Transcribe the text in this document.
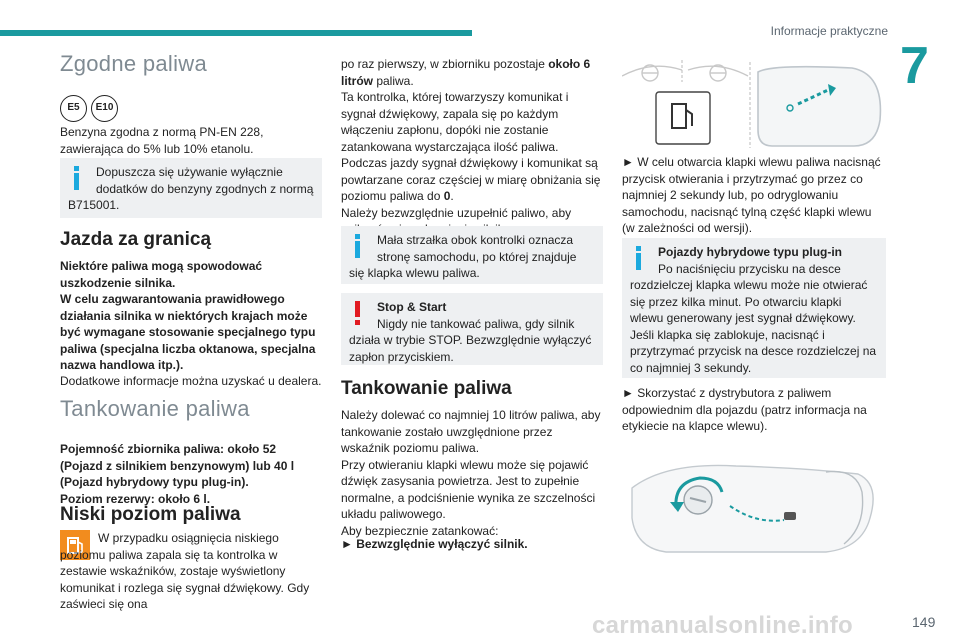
Informacje praktyczne
7
Zgodne paliwa
E5 E10
Benzyna zgodna z normą PN-EN 228, zawierająca do 5% lub 10% etanolu.
Dopuszcza się używanie wyłącznie dodatków do benzyny zgodnych z normą B715001.
Jazda za granicą
Niektóre paliwa mogą spowodować uszkodzenie silnika.
W celu zagwarantowania prawidłowego działania silnika w niektórych krajach może być wymagane stosowanie specjalnego typu paliwa (specjalna liczba oktanowa, specjalna nazwa handlowa itp.).
Dodatkowe informacje można uzyskać u dealera.
Tankowanie paliwa
Pojemność zbiornika paliwa: około 52 (Pojazd z silnikiem benzynowym) lub 40 l (Pojazd hybrydowy typu plug-in).
Poziom rezerwy: około 6 l.
Niski poziom paliwa
W przypadku osiągnięcia niskiego poziomu paliwa zapala się ta kontrolka w zestawie wskaźników, zostaje wyświetlony komunikat i rozlega się sygnał dźwiękowy. Gdy zaświeci się ona
po raz pierwszy, w zbiorniku pozostaje około 6 litrów paliwa.
Ta kontrolka, której towarzyszy komunikat i sygnał dźwiękowy, zapala się po każdym włączeniu zapłonu, dopóki nie zostanie zatankowana wystarczająca ilość paliwa. Podczas jazdy sygnał dźwiękowy i komunikat są powtarzane coraz częściej w miarę obniżania się poziomu paliwa do 0.
Należy bezwzględnie uzupełnić paliwo, aby
Mała strzałka obok kontrolki oznacza stronę samochodu, po której znajduje się klapka wlewu paliwa.
Stop & Start
Nigdy nie tankować paliwa, gdy silnik działa w trybie STOP. Bezwzględnie wyłączyć zapłon przyciskiem.
Tankowanie paliwa
Należy dolewać co najmniej 10 litrów paliwa, aby tankowanie zostało uwzględnione przez wskaźnik poziomu paliwa.
Przy otwieraniu klapki wlewu może się pojawić dźwięk zasysania powietrza. Jest to zupełnie normalne, a podciśnienie wynika ze szczelności układu paliwowego.
Aby bezpiecznie zatankować:
► Bezwzględnie wyłączyć silnik.
► W celu otwarcia klapki wlewu paliwa nacisnąć przycisk otwierania i przytrzymać go przez co najmniej 2 sekundy lub, po odryglowaniu samochodu, nacisnąć tylną część klapki wlewu (w zależności od wersji).
Pojazdy hybrydowe typu plug-in
Po naciśnięciu przycisku na desce rozdzielczej klapka wlewu może nie otwierać się przez kilka minut. Po otwarciu klapki wlewu generowany jest sygnał dźwiękowy.
Jeśli klapka się zablokuje, nacisnąć i przytrzymać przycisk na desce rozdzielczej na co najmniej 3 sekundy.
► Skorzystać z dystrybutora z paliwem odpowiednim dla pojazdu (patrz informacja na etykiecie na klapce wlewu).
carmanualsonline.info	149
